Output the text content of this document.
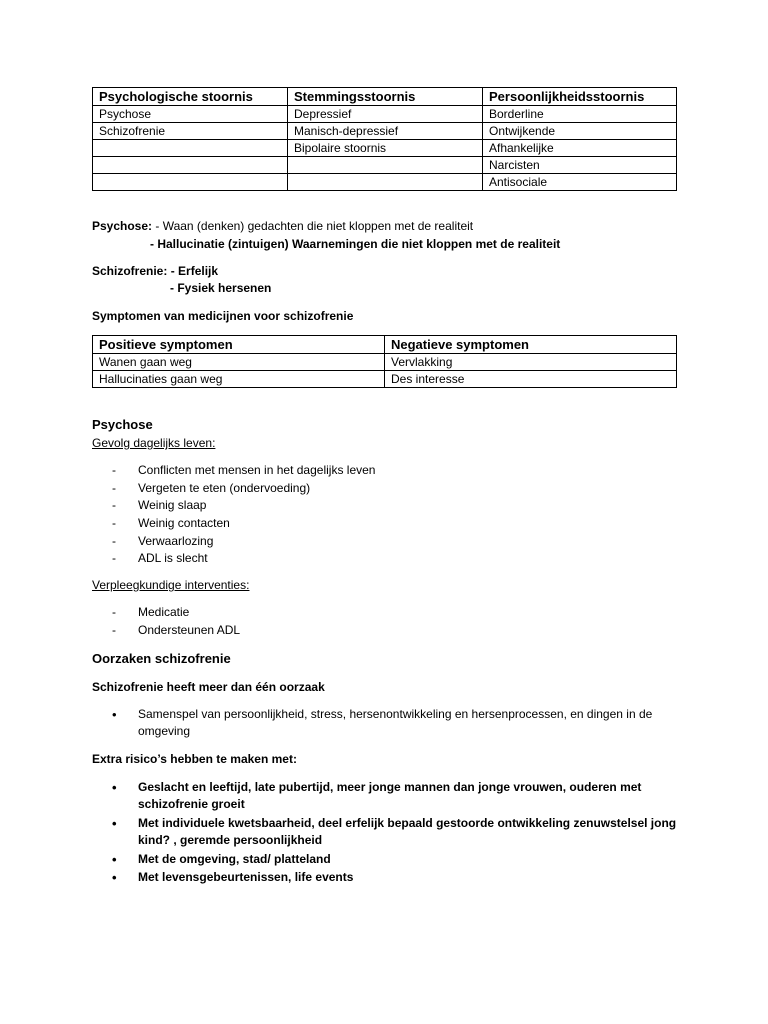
Psychologische stoornis	Stemmingsstoornis	Persoonlijkheidsstoornis
Psychose	Depressief	Borderline
Schizofrenie	Manisch-depressief	Ontwijkende
	Bipolaire stoornis	Afhankelijke
		Narcisten
		Antisociale
Psychose: - Waan (denken) gedachten die niet kloppen met de realiteit
- Hallucinatie (zintuigen) Waarnemingen die niet kloppen met de realiteit
Schizofrenie: - Erfelijk
- Fysiek hersenen
Symptomen van medicijnen voor schizofrenie
Positieve symptomen	Negatieve symptomen
Wanen gaan weg	Vervlakking
Hallucinaties gaan weg	Des interesse
Psychose
Gevolg dagelijks leven:
- Conflicten met mensen in het dagelijks leven
- Vergeten te eten (ondervoeding)
- Weinig slaap
- Weinig contacten
- Verwaarlozing
- ADL is slecht
Verpleegkundige interventies:
- Medicatie
- Ondersteunen ADL
Oorzaken schizofrenie
Schizofrenie heeft meer dan één oorzaak
• Samenspel van persoonlijkheid, stress, hersenontwikkeling en hersenprocessen, en dingen in de omgeving
Extra risico’s hebben te maken met:
• Geslacht en leeftijd, late pubertijd, meer jonge mannen dan jonge vrouwen, ouderen met schizofrenie groeit
• Met individuele kwetsbaarheid, deel erfelijk bepaald gestoorde ontwikkeling zenuwstelsel jong kind? , geremde persoonlijkheid
• Met de omgeving, stad/ platteland
• Met levensgebeurtenissen, life events
